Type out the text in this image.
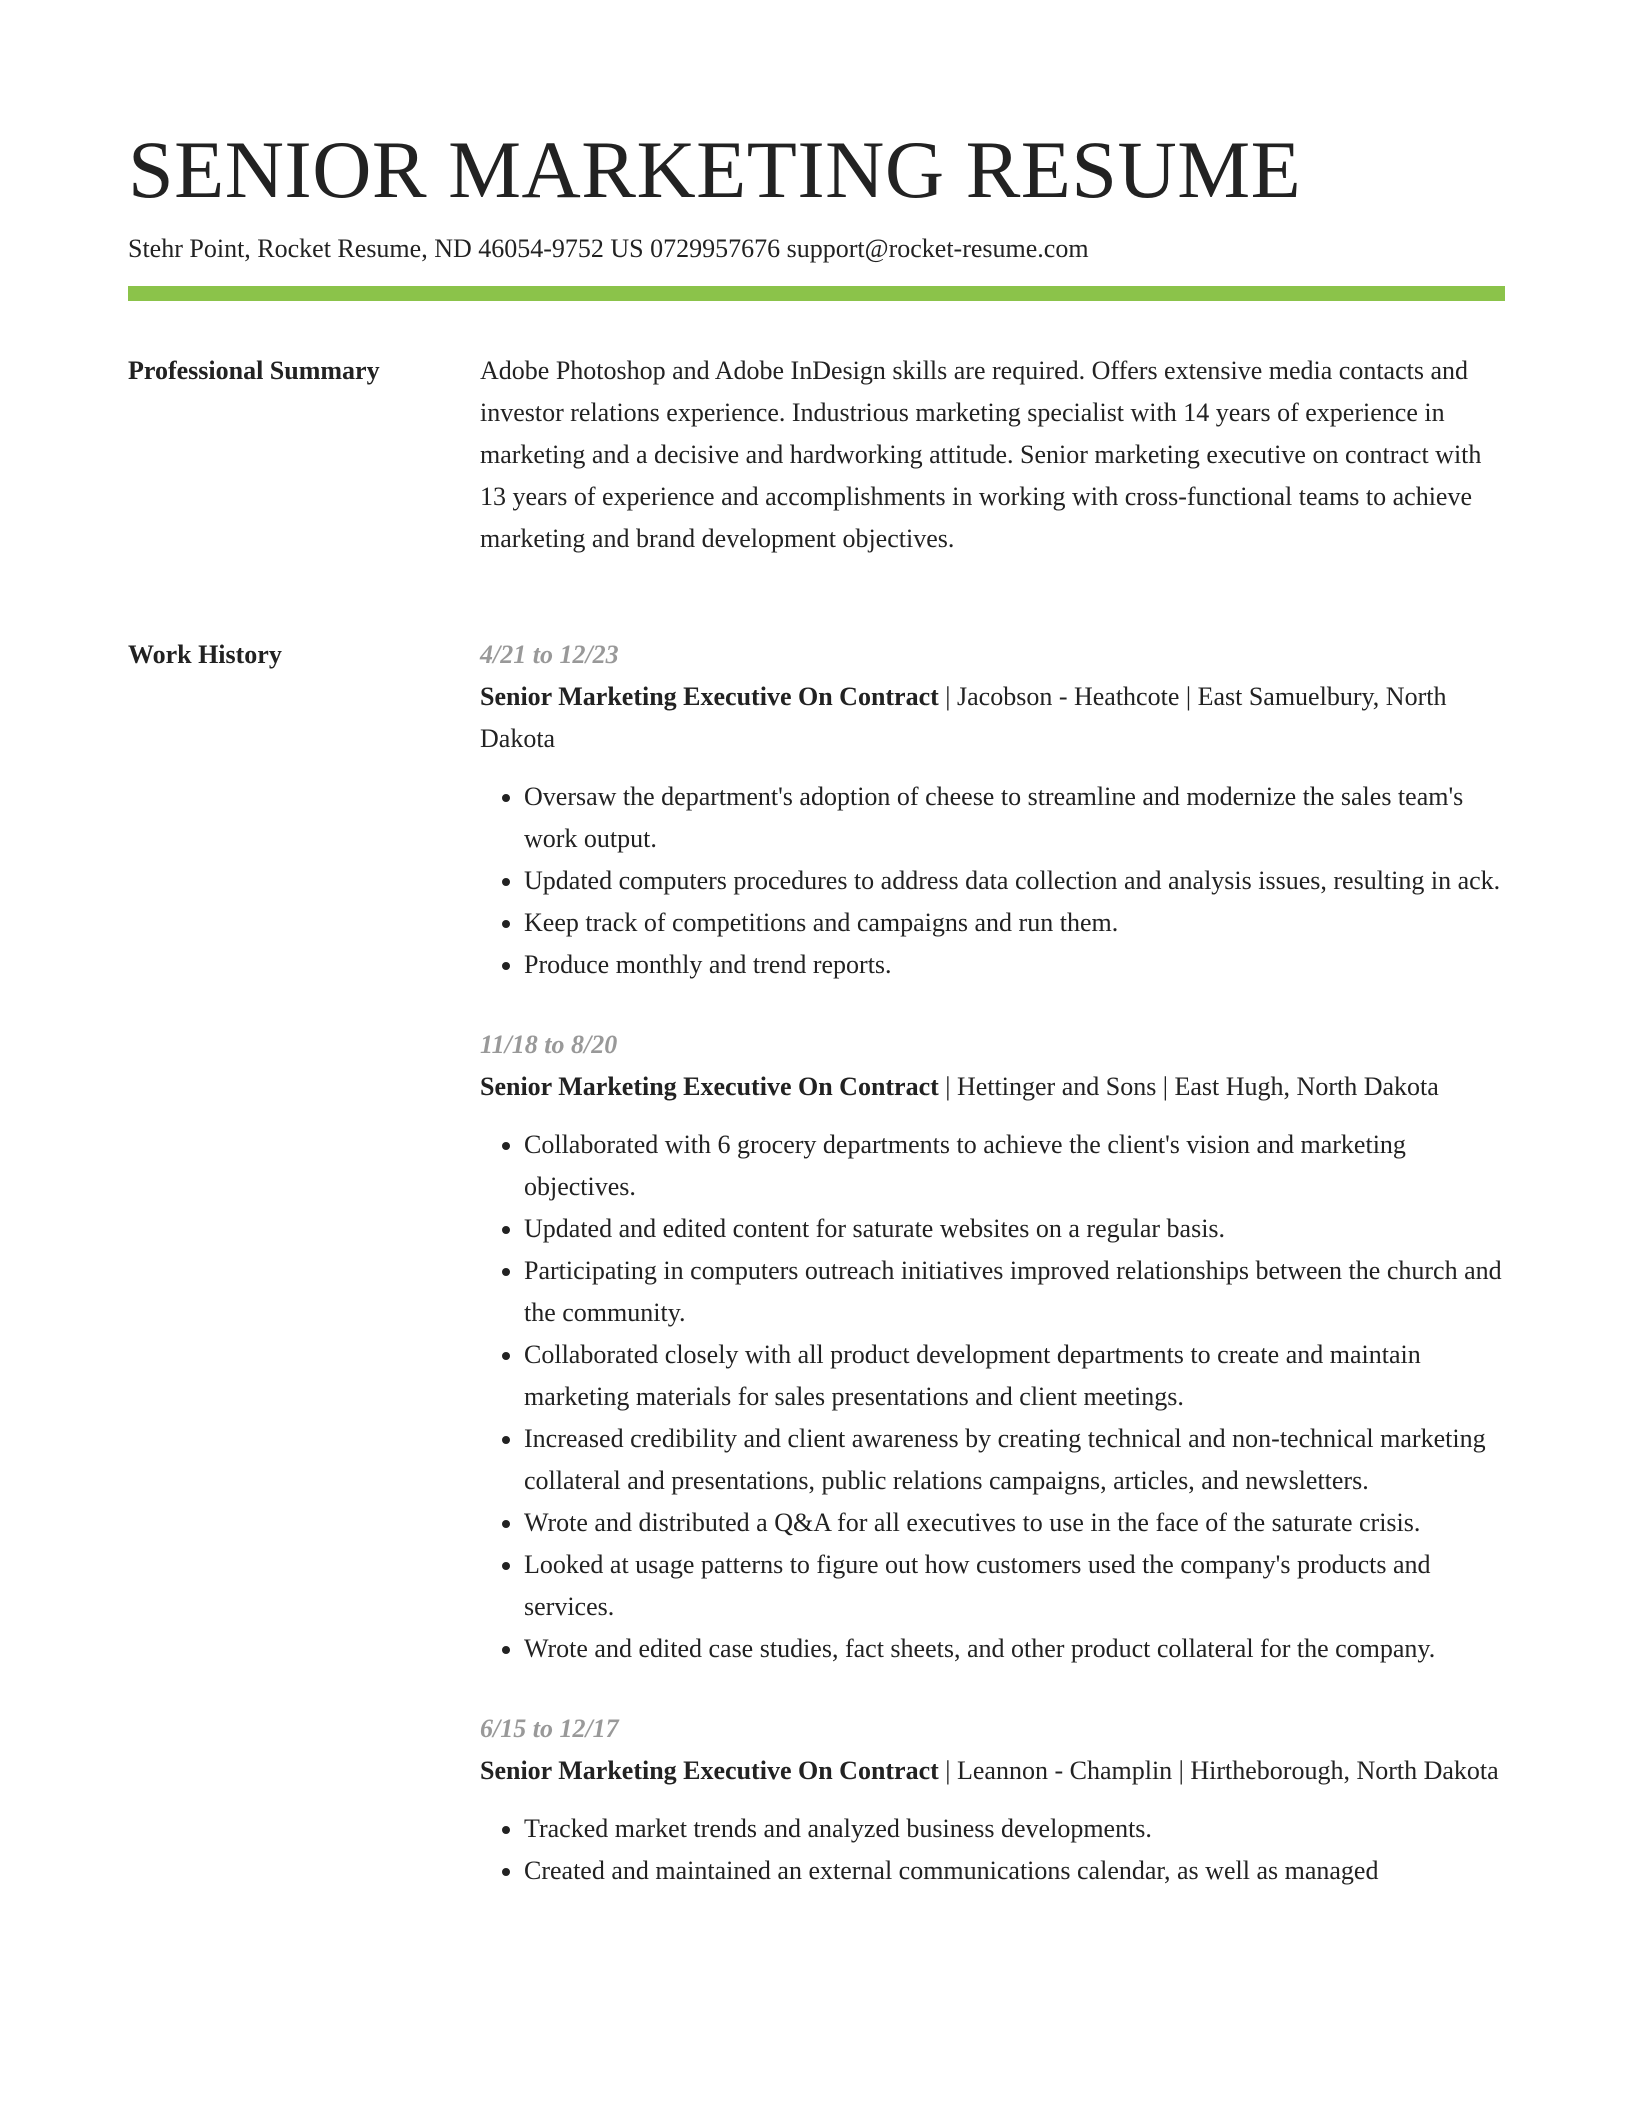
SENIOR MARKETING RESUME
Stehr Point, Rocket Resume, ND 46054-9752 US 0729957676 support@rocket-resume.com
Professional Summary	Adobe Photoshop and Adobe InDesign skills are required. Offers extensive media contacts and investor relations experience. Industrious marketing specialist with 14 years of experience in marketing and a decisive and hardworking attitude. Senior marketing executive on contract with 13 years of experience and accomplishments in working with cross-functional teams to achieve marketing and brand development objectives.

Work History	4/21 to 12/23

Senior Marketing Executive On Contract | Jacobson - Heathcote | East Samuelbury, North Dakota

• Oversaw the department's adoption of cheese to streamline and modernize the sales team's work output.
• Updated computers procedures to address data collection and analysis issues, resulting in ack.
• Keep track of competitions and campaigns and run them.
• Produce monthly and trend reports.
11/18 to 8/20

Senior Marketing Executive On Contract | Hettinger and Sons | East Hugh, North Dakota

• Collaborated with 6 grocery departments to achieve the client's vision and marketing objectives.
• Updated and edited content for saturate websites on a regular basis.
• Participating in computers outreach initiatives improved relationships between the church and the community.
• Collaborated closely with all product development departments to create and maintain marketing materials for sales presentations and client meetings.
• Increased credibility and client awareness by creating technical and non-technical marketing collateral and presentations, public relations campaigns, articles, and newsletters.
• Wrote and distributed a Q&A for all executives to use in the face of the saturate crisis.
• Looked at usage patterns to figure out how customers used the company's products and services.
• Wrote and edited case studies, fact sheets, and other product collateral for the company.
6/15 to 12/17

Senior Marketing Executive On Contract | Leannon - Champlin | Hirtheborough, North Dakota

• Tracked market trends and analyzed business developments.
• Created and maintained an external communications calendar, as well as managed
